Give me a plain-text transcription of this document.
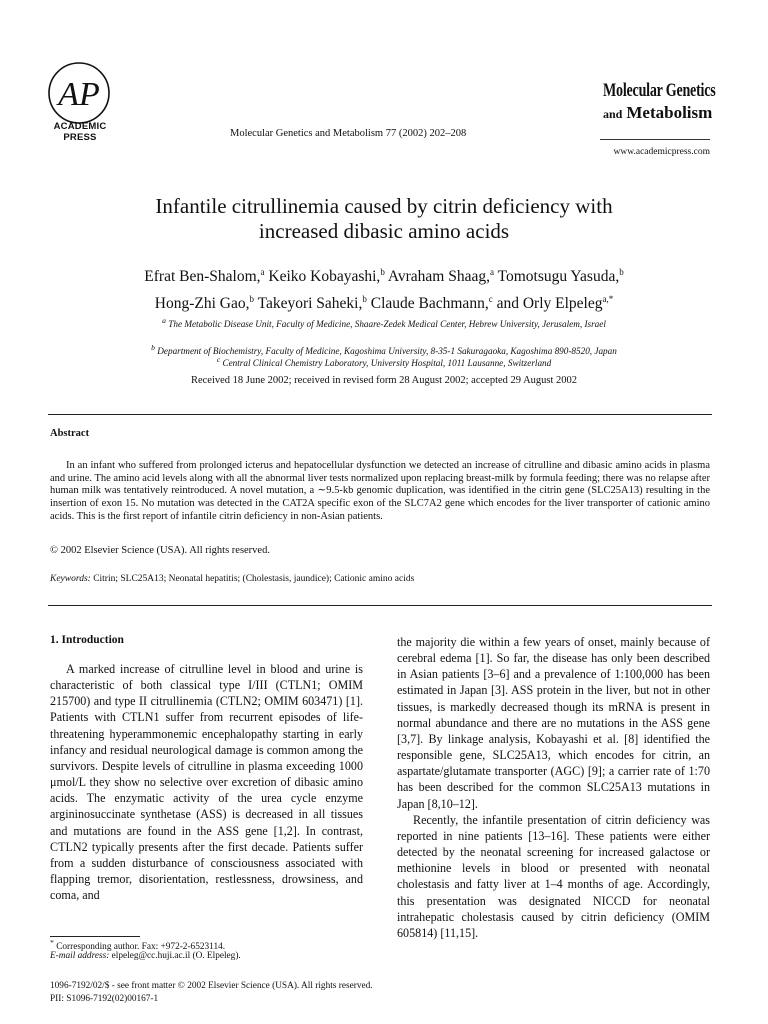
AP
ACADEMIC
PRESS	Molecular Genetics and Metabolism 77 (2002) 202–208
Molecular Genetics
and Metabolism
www.academicpress.com
Infantile citrullinemia caused by citrin deficiency with
increased dibasic amino acids
Efrat Ben-Shalom,$^a$ Keiko Kobayashi,$^b$ Avraham Shaag,$^a$ Tomotsugu Yasuda,$^b$
Hong-Zhi Gao,$^b$ Takeyori Saheki,$^b$ Claude Bachmann,$^c$ and Orly Elpeleg$^{a,*}$
$^a$ The Metabolic Disease Unit, Faculty of Medicine, Shaare-Zedek Medical Center, Hebrew University, Jerusalem, Israel
$^b$ Department of Biochemistry, Faculty of Medicine, Kagoshima University, 8-35-1 Sakuragaoka, Kagoshima 890-8520, Japan
$^c$ Central Clinical Chemistry Laboratory, University Hospital, 1011 Lausanne, Switzerland
Received 18 June 2002; received in revised form 28 August 2002; accepted 29 August 2002
Abstract
In an infant who suffered from prolonged icterus and hepatocellular dysfunction we detected an increase of citrulline and dibasic amino acids in plasma and urine. The amino acid levels along with all the abnormal liver tests normalized upon replacing breast-milk by formula feeding; there was no relapse after human milk was tentatively reintroduced. A novel mutation, a ∼9.5-kb genomic duplication, was identified in the citrin gene (SLC25A13) resulting in the insertion of exon 15. No mutation was detected in the CAT2A specific exon of the SLC7A2 gene which encodes for the liver transporter of cationic amino acids. This is the first report of infantile citrin deficiency in non-Asian patients.
© 2002 Elsevier Science (USA). All rights reserved.
Keywords: Citrin; SLC25A13; Neonatal hepatitis; (Cholestasis, jaundice); Cationic amino acids
1. Introduction

A marked increase of citrulline level in blood and urine is characteristic of both classical type I/III (CTLN1; OMIM 215700) and type II citrullinemia (CTLN2; OMIM 603471) [1]. Patients with CTLN1 suffer from recurrent episodes of life-threatening hyperammonemic encephalopathy starting in early infancy and residual neurological damage is common among the survivors. Despite levels of citrulline in plasma exceeding 1000 μmol/L they show no selective over excretion of dibasic amino acids. The enzymatic activity of the urea cycle enzyme argininosuccinate synthetase (ASS) is decreased in all tissues and mutations are found in the ASS gene [1,2]. In contrast, CTLN2 typically presents after the first decade. Patients suffer from a sudden disturbance of consciousness associated with flapping tremor, disorientation, restlessness, drowsiness, and coma, and

the majority die within a few years of onset, mainly because of cerebral edema [1]. So far, the disease has only been described in Asian patients [3–6] and a prevalence of 1:100,000 has been estimated in Japan [3]. ASS protein in the liver, but not in other tissues, is markedly decreased though its mRNA is present in normal abundance and there are no mutations in the ASS gene [3,7]. By linkage analysis, Kobayashi et al. [8] identified the responsible gene, SLC25A13, which encodes for citrin, an aspartate/glutamate transporter (AGC) [9]; a carrier rate of 1:70 has been described for the common SLC25A13 mutations in Japan [8,10–12].

Recently, the infantile presentation of citrin deficiency was reported in nine patients [13–16]. These patients were either detected by the neonatal screening for increased galactose or methionine levels in blood or presented with neonatal cholestasis and fatty liver at 1–4 months of age. Accordingly, this presentation was designated NICCD for neonatal intrahepatic cholestasis caused by citrin deficiency (OMIM 605814) [11,15].

* Corresponding author. Fax: +972-2-6523114.
E-mail address: elpeleg@cc.huji.ac.il (O. Elpeleg).
1096-7192/02/$ - see front matter © 2002 Elsevier Science (USA). All rights reserved.
PII: S1096-7192(02)00167-1
